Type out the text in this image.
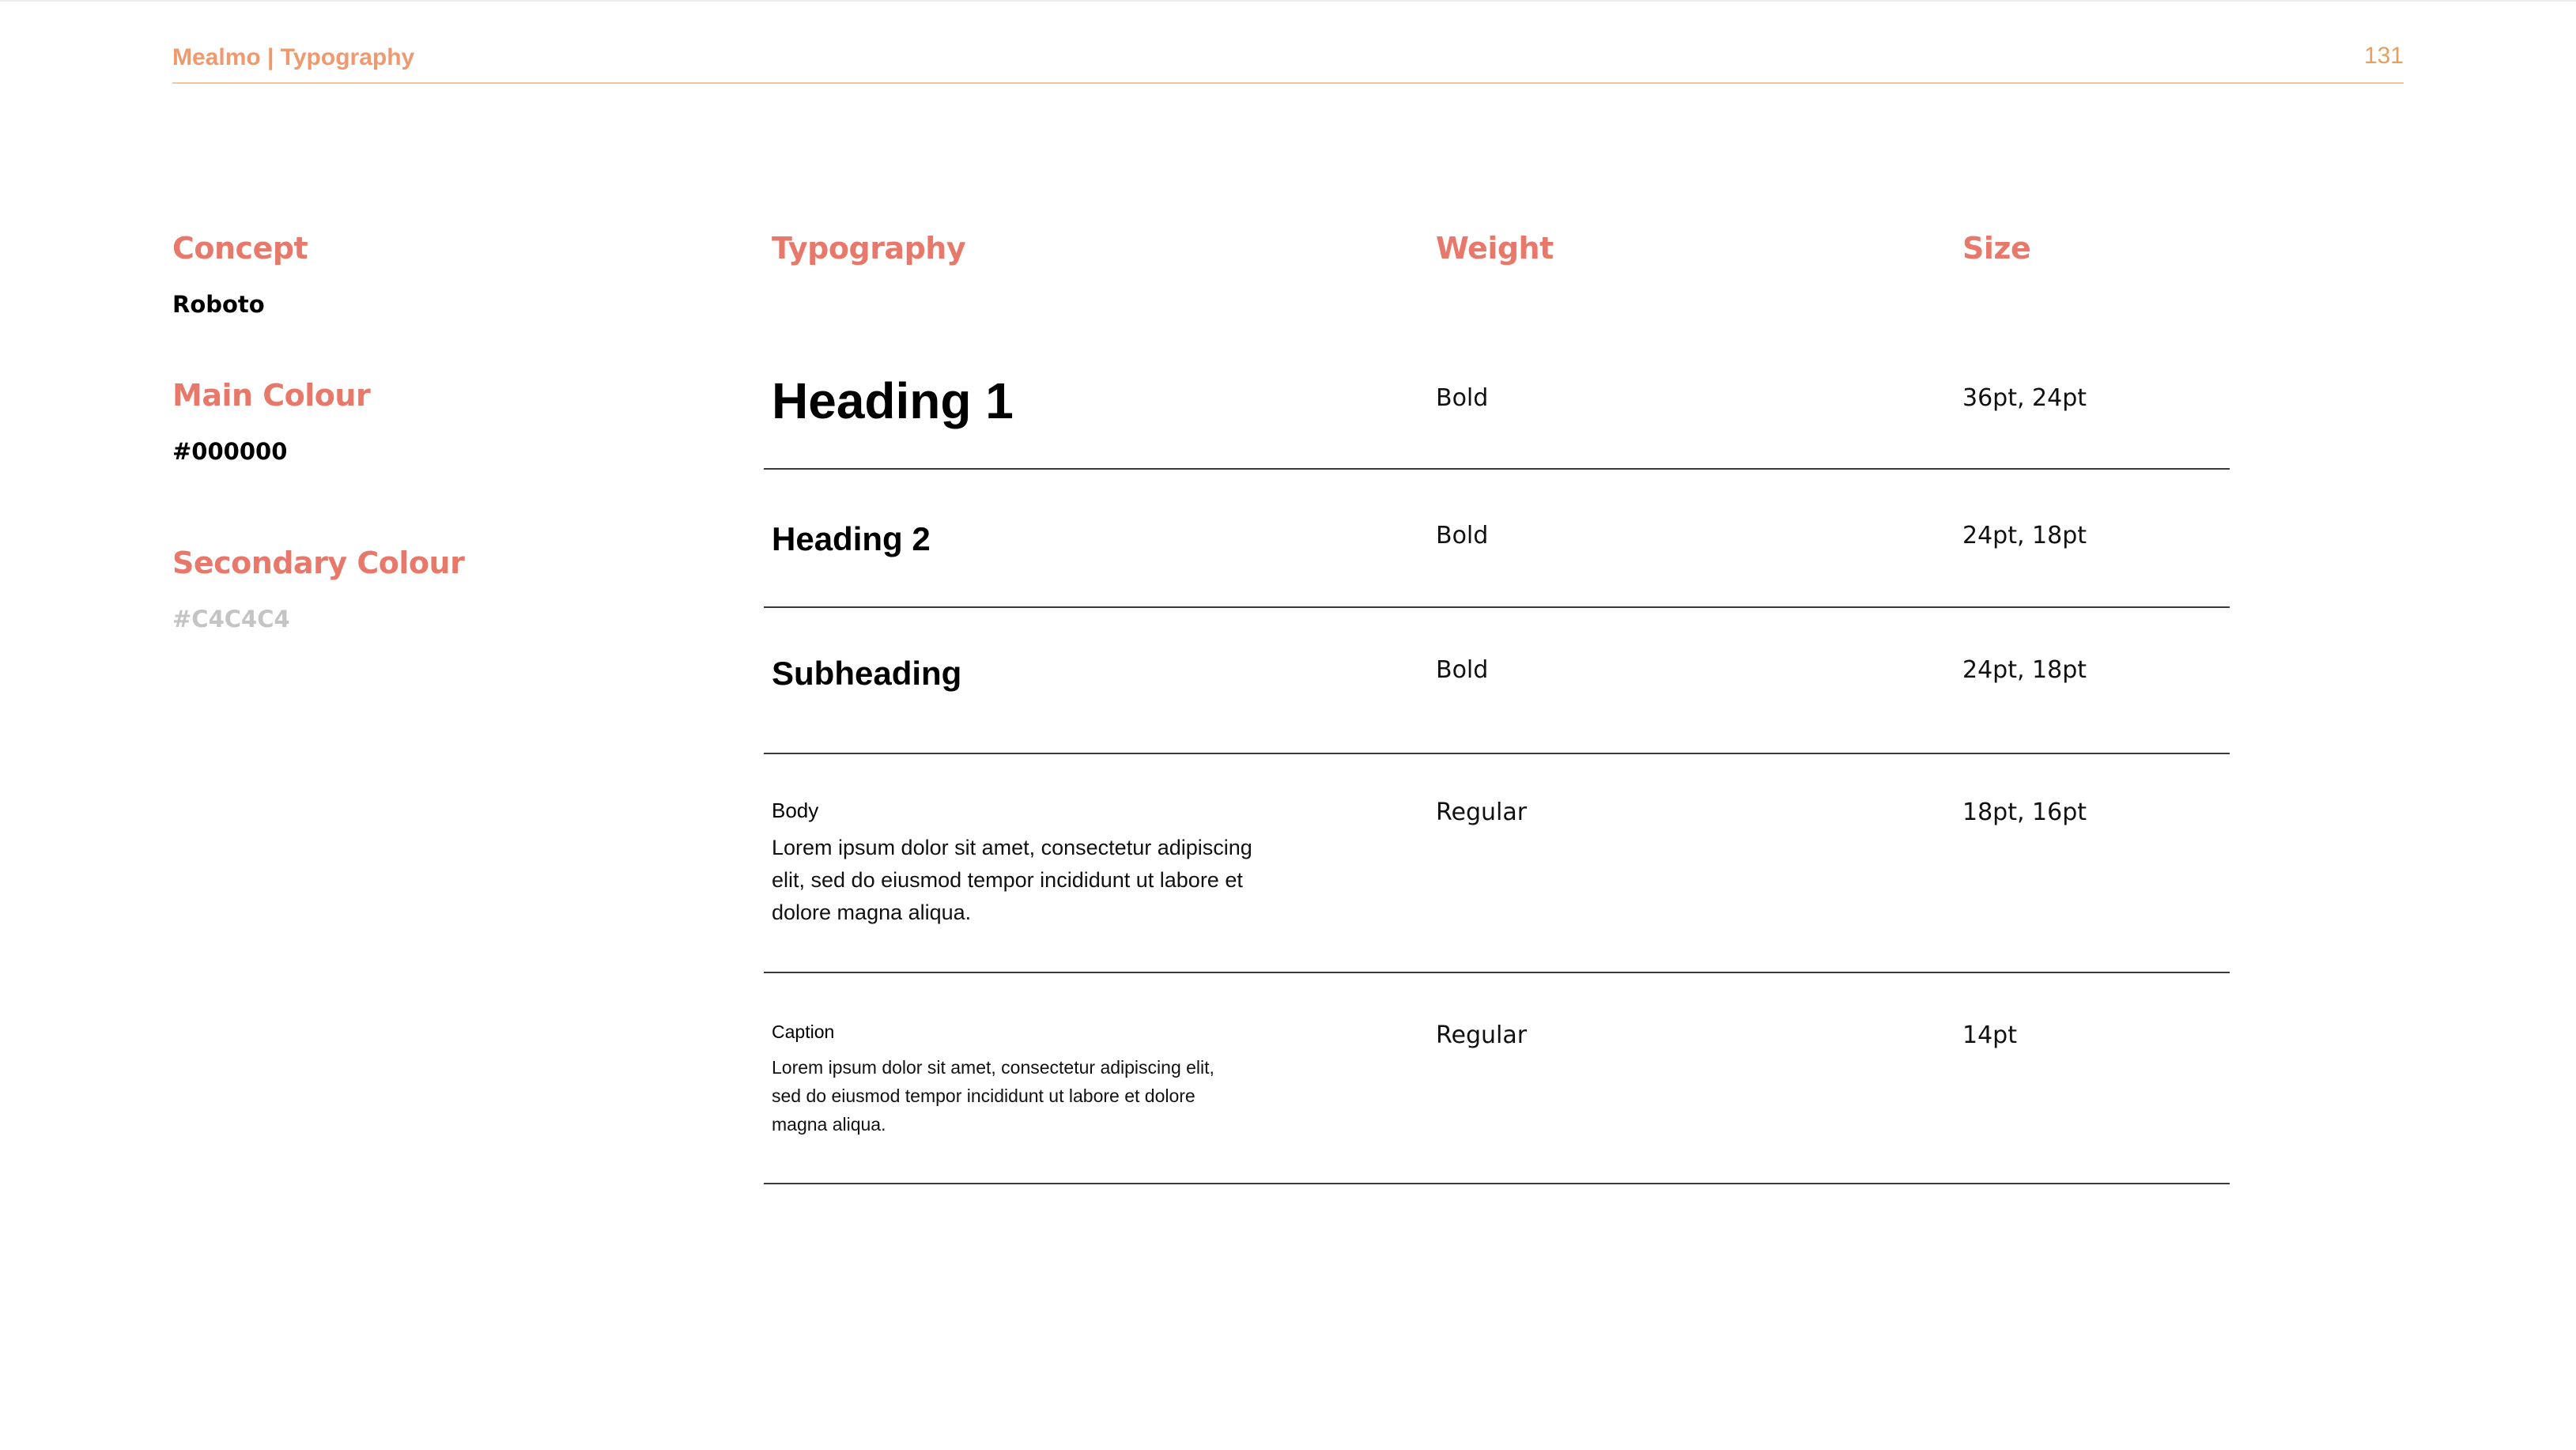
Mealmo | Typography	131
Concept
Roboto
Main Colour
#000000
Secondary Colour
#C4C4C4
Typography	Weight	Size
Heading 1	Bold	36pt, 24pt
Heading 2	Bold	24pt, 18pt
Subheading	Bold	24pt, 18pt
Body
Lorem ipsum dolor sit amet, consectetur adipiscing
elit, sed do eiusmod tempor incididunt ut labore et
dolore magna aliqua.
Regular	18pt, 16pt
Caption
Lorem ipsum dolor sit amet, consectetur adipiscing elit,
sed do eiusmod tempor incididunt ut labore et dolore
magna aliqua.
Regular	14pt
